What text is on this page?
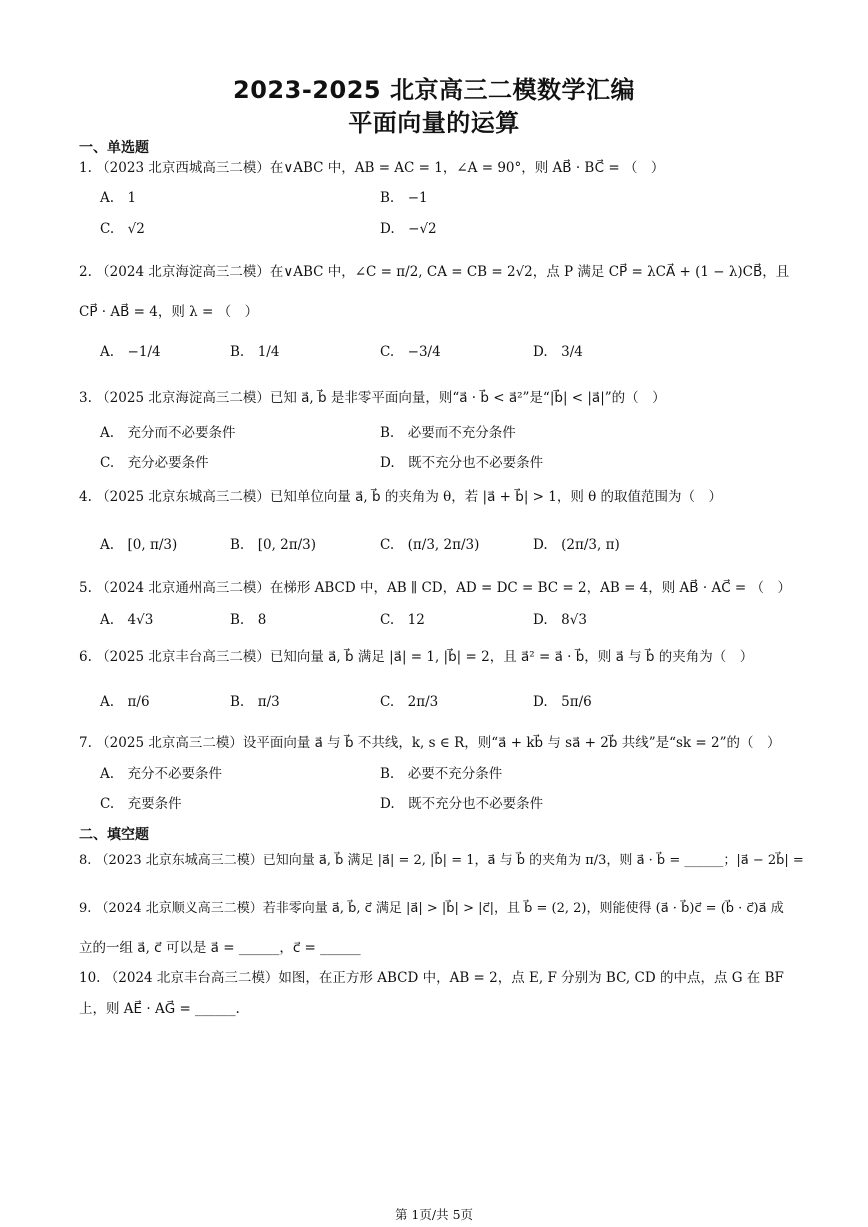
2023-2025 北京高三二模数学汇编
平面向量的运算
一、单选题
1. （2023 北京西城高三二模）在∨ABC 中，AB = AC = 1，∠A = 90°，则 AB⃗ · BC⃗ = （　）
A.　1	B.　−1
C.　√2	D.　−√2
2. （2024 北京海淀高三二模）在∨ABC 中，∠C = π/2, CA = CB = 2√2，点 P 满足 CP⃗ = λCA⃗ + (1 − λ)CB⃗，且
CP⃗ · AB⃗ = 4，则 λ = （　）
A.　−1/4	B.　1/4	C.　−3/4	D.　3/4
3. （2025 北京海淀高三二模）已知 a⃗, b⃗ 是非零平面向量，则“a⃗ · b⃗ < a⃗²”是“|b⃗| < |a⃗|”的（　）
A.　充分而不必要条件	B.　必要而不充分条件
C.　充分必要条件	D.　既不充分也不必要条件
4. （2025 北京东城高三二模）已知单位向量 a⃗, b⃗ 的夹角为 θ，若 |a⃗ + b⃗| > 1，则 θ 的取值范围为（　）
A.　[0, π/3)	B.　[0, 2π/3)	C.　(π/3, 2π/3)	D.　(2π/3, π)
5. （2024 北京通州高三二模）在梯形 ABCD 中，AB ∥ CD，AD = DC = BC = 2，AB = 4，则 AB⃗ · AC⃗ = （　）
A.　4√3	B.　8	C.　12	D.　8√3
6. （2025 北京丰台高三二模）已知向量 a⃗, b⃗ 满足 |a⃗| = 1, |b⃗| = 2，且 a⃗² = a⃗ · b⃗，则 a⃗ 与 b⃗ 的夹角为（　）
A.　π/6	B.　π/3	C.　2π/3	D.　5π/6
7. （2025 北京高三二模）设平面向量 a⃗ 与 b⃗ 不共线，k, s ∈ R，则“a⃗ + kb⃗ 与 sa⃗ + 2b⃗ 共线”是“sk = 2”的（　）
A.　充分不必要条件	B.　必要不充分条件
C.　充要条件	D.　既不充分也不必要条件
二、填空题
8. （2023 北京东城高三二模）已知向量 a⃗, b⃗ 满足 |a⃗| = 2, |b⃗| = 1，a⃗ 与 b⃗ 的夹角为 π/3，则 a⃗ · b⃗ = ______；|a⃗ − 2b⃗| =
9. （2024 北京顺义高三二模）若非零向量 a⃗, b⃗, c⃗ 满足 |a⃗| > |b⃗| > |c⃗|，且 b⃗ = (2, 2)，则能使得 (a⃗ · b⃗)c⃗ = (b⃗ · c⃗)a⃗ 成
立的一组 a⃗, c⃗ 可以是 a⃗ = ______，c⃗ = ______
10. （2024 北京丰台高三二模）如图，在正方形 ABCD 中，AB = 2，点 E, F 分别为 BC, CD 的中点，点 G 在 BF
上，则 AE⃗ · AG⃗ = ______.
第 1页/共 5页
